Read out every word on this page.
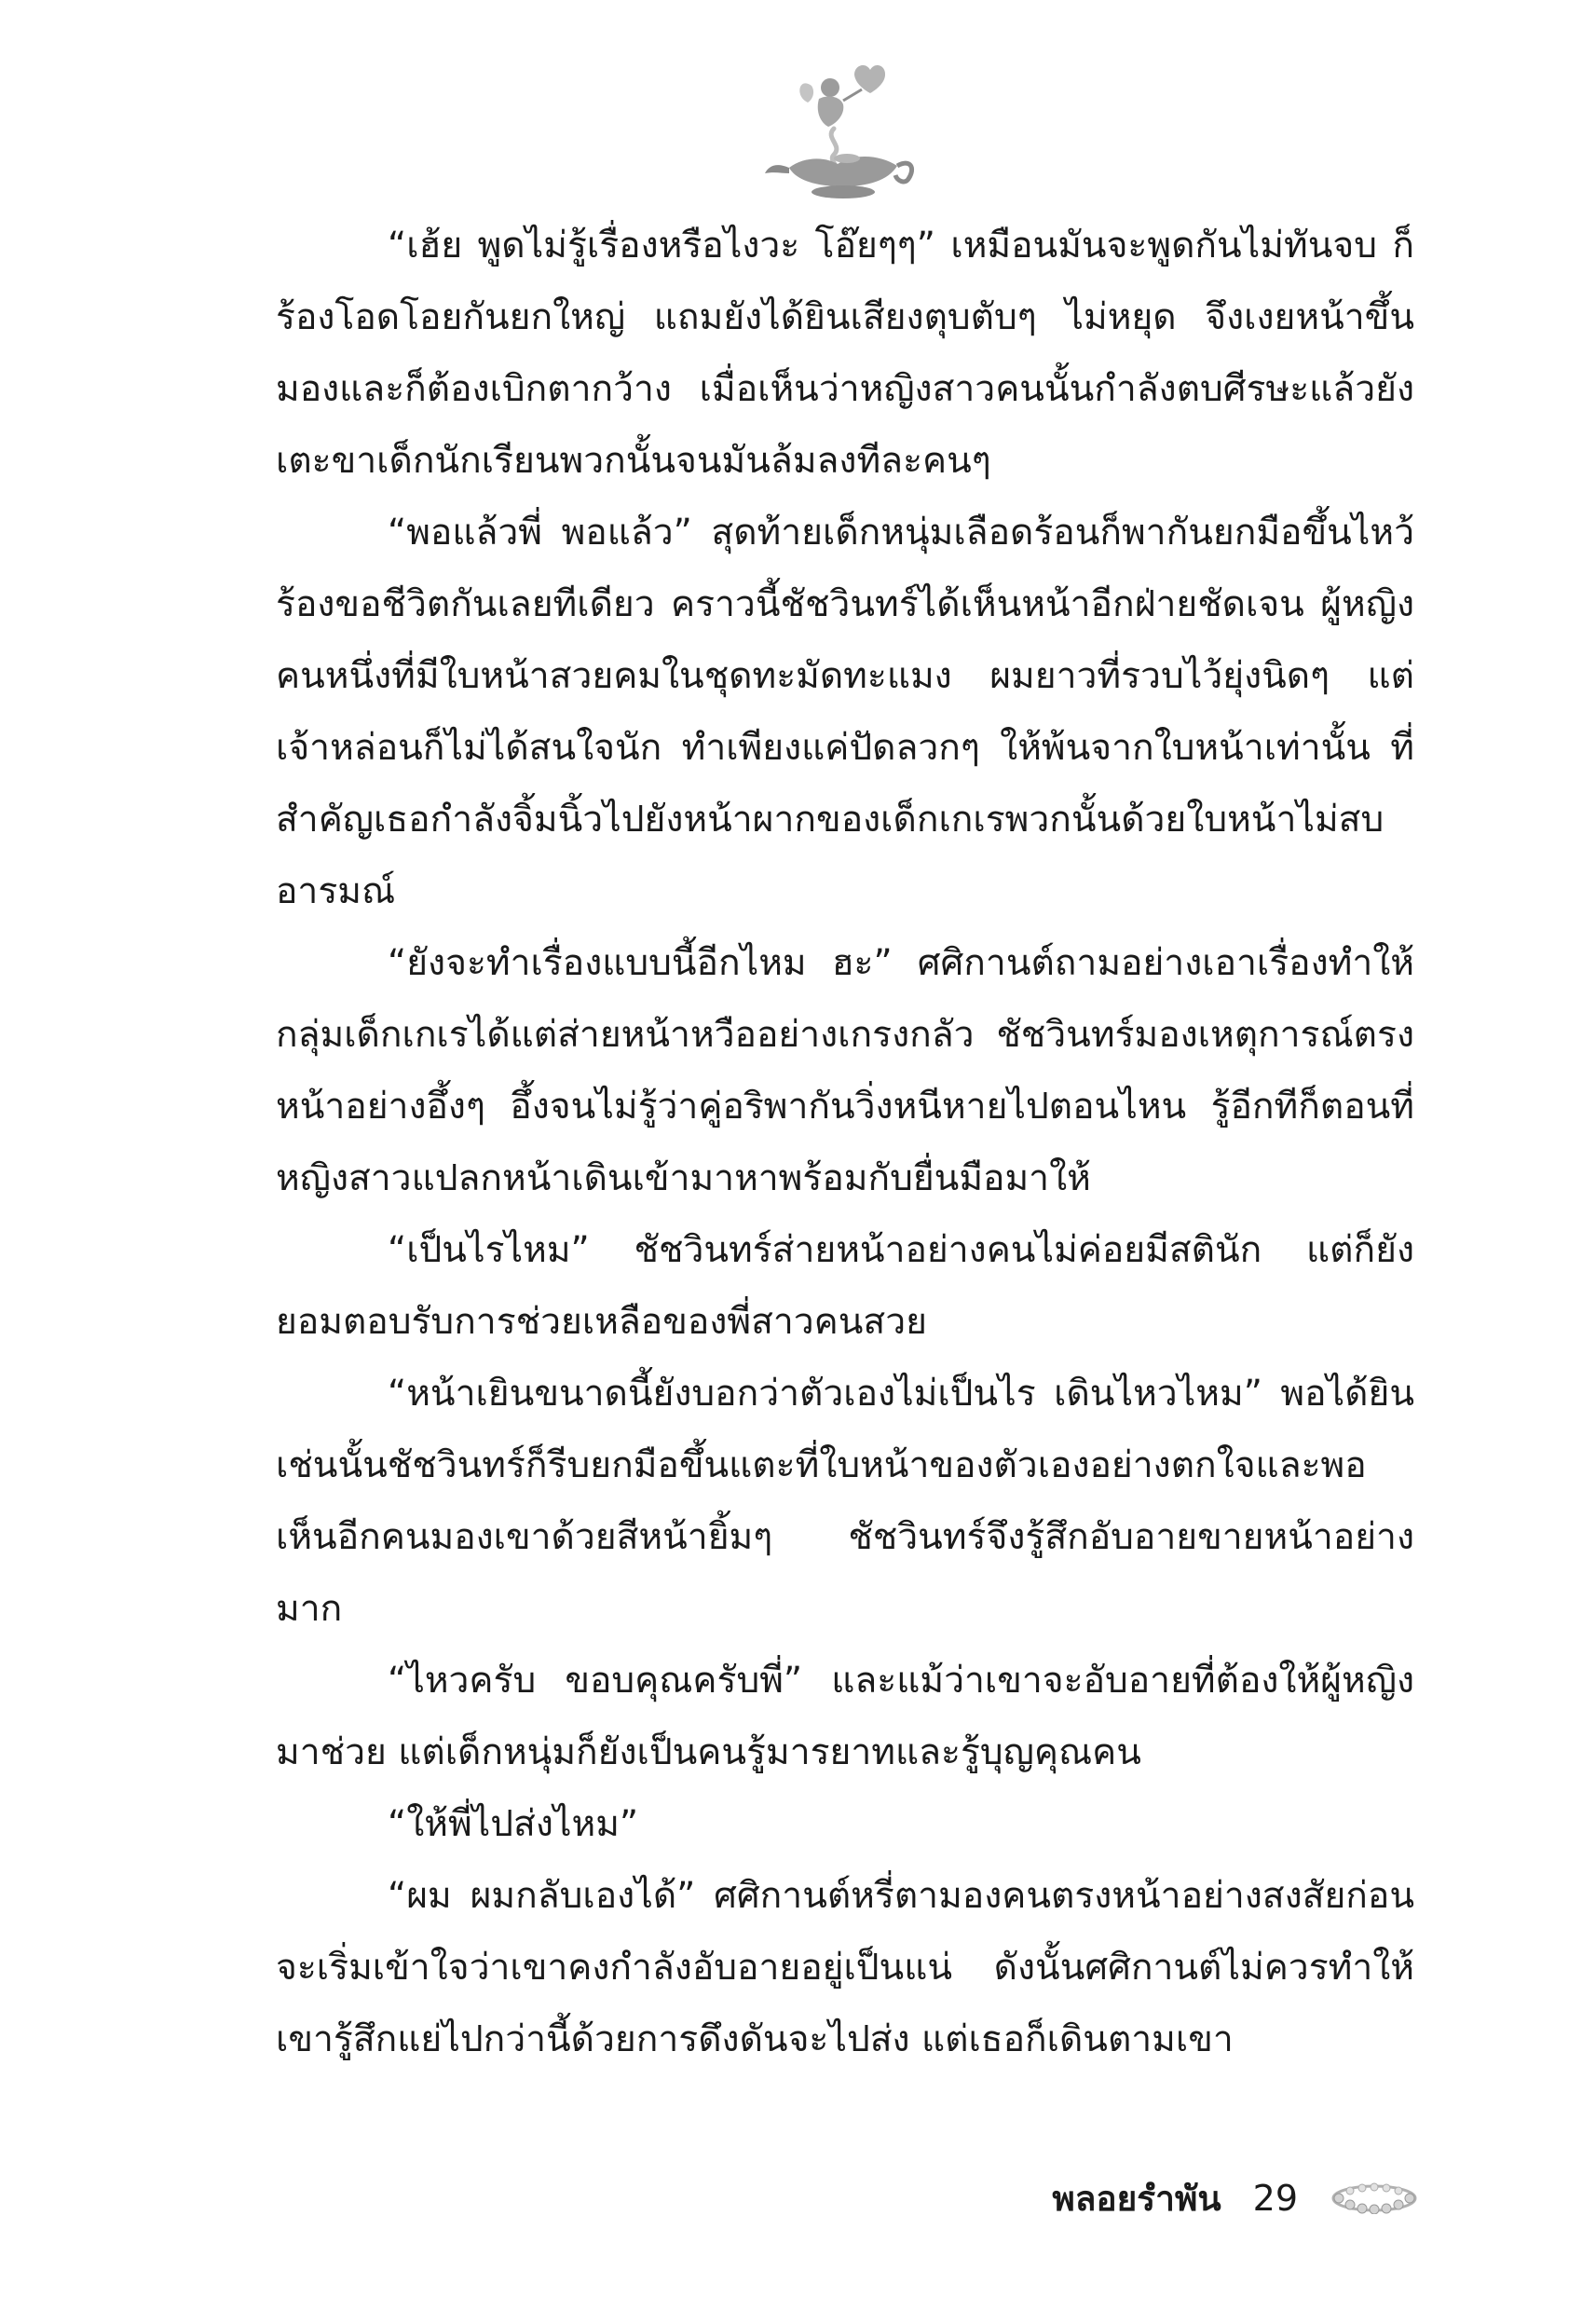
“เฮ้ย พูดไม่รู้เรื่องหรือไงวะ โอ๊ยๆๆ” เหมือนมันจะพูดกันไม่ทันจบ ก็ร้องโอดโอยกันยกใหญ่ แถมยังได้ยินเสียงตุบตับๆ ไม่หยุด จึงเงยหน้าขึ้นมองและก็ต้องเบิกตากว้าง เมื่อเห็นว่าหญิงสาวคนนั้นกำลังตบศีรษะแล้วยังเตะขาเด็กนักเรียนพวกนั้นจนมันล้มลงทีละคนๆ

“พอแล้วพี่ พอแล้ว” สุดท้ายเด็กหนุ่มเลือดร้อนก็พากันยกมือขึ้นไหว้ร้องขอชีวิตกันเลยทีเดียว คราวนี้ชัชวินทร์ได้เห็นหน้าอีกฝ่ายชัดเจน ผู้หญิงคนหนึ่งที่มีใบหน้าสวยคมในชุดทะมัดทะแมง ผมยาวที่รวบไว้ยุ่งนิดๆ แต่เจ้าหล่อนก็ไม่ได้สนใจนัก ทำเพียงแค่ปัดลวกๆ ให้พ้นจากใบหน้าเท่านั้น ที่สำคัญเธอกำลังจิ้มนิ้วไปยังหน้าผากของเด็กเกเรพวกนั้นด้วยใบหน้าไม่สบอารมณ์

“ยังจะทำเรื่องแบบนี้อีกไหม ฮะ” ศศิกานต์ถามอย่างเอาเรื่องทำให้กลุ่มเด็กเกเรได้แต่ส่ายหน้าหวืออย่างเกรงกลัว ชัชวินทร์มองเหตุการณ์ตรงหน้าอย่างอึ้งๆ อึ้งจนไม่รู้ว่าคู่อริพากันวิ่งหนีหายไปตอนไหน รู้อีกทีก็ตอนที่หญิงสาวแปลกหน้าเดินเข้ามาหาพร้อมกับยื่นมือมาให้

“เป็นไรไหม” ชัชวินทร์ส่ายหน้าอย่างคนไม่ค่อยมีสตินัก แต่ก็ยังยอมตอบรับการช่วยเหลือของพี่สาวคนสวย

“หน้าเยินขนาดนี้ยังบอกว่าตัวเองไม่เป็นไร เดินไหวไหม” พอได้ยินเช่นนั้นชัชวินทร์ก็รีบยกมือขึ้นแตะที่ใบหน้าของตัวเองอย่างตกใจและพอเห็นอีกคนมองเขาด้วยสีหน้ายิ้มๆ ชัชวินทร์จึงรู้สึกอับอายขายหน้าอย่างมาก

“ไหวครับ ขอบคุณครับพี่” และแม้ว่าเขาจะอับอายที่ต้องให้ผู้หญิงมาช่วย แต่เด็กหนุ่มก็ยังเป็นคนรู้มารยาทและรู้บุญคุณคน

“ให้พี่ไปส่งไหม”

“ผม ผมกลับเองได้” ศศิกานต์หรี่ตามองคนตรงหน้าอย่างสงสัยก่อนจะเริ่มเข้าใจว่าเขาคงกำลังอับอายอยู่เป็นแน่ ดังนั้นศศิกานต์ไม่ควรทำให้เขารู้สึกแย่ไปกว่านี้ด้วยการดึงดันจะไปส่ง แต่เธอก็เดินตามเขา

พลอยรำพัน 29
